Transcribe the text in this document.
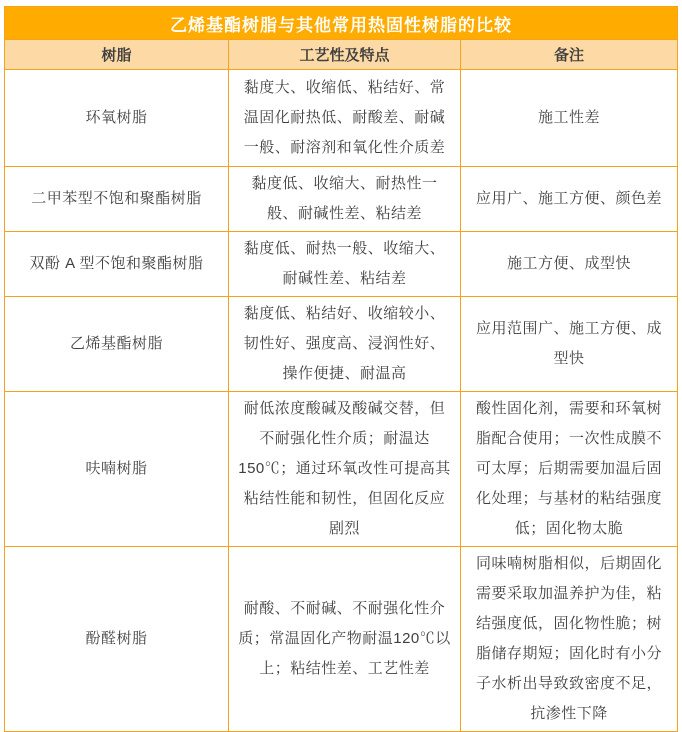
乙烯基酯树脂与其他常用热固性树脂的比较		
树脂	工艺性及特点	备注
环氧树脂	黏度大、收缩低、粘结好、常温固化耐热低、耐酸差、耐碱一般、耐溶剂和氧化性介质差	施工性差
二甲苯型不饱和聚酯树脂	黏度低、收缩大、耐热性一般、耐碱性差、粘结差	应用广、施工方便、颜色差
双酚 A 型不饱和聚酯树脂	黏度低、耐热一般、收缩大、耐碱性差、粘结差	施工方便、成型快
乙烯基酯树脂	黏度低、粘结好、收缩较小、韧性好、强度高、浸润性好、操作便捷、耐温高	应用范围广、施工方便、成型快
呋喃树脂	耐低浓度酸碱及酸碱交替，但不耐强化性介质；耐温达150℃；通过环氧改性可提高其粘结性能和韧性，但固化反应剧烈	酸性固化剂，需要和环氧树脂配合使用；一次性成膜不可太厚；后期需要加温后固化处理；与基材的粘结强度低；固化物太脆
酚醛树脂	耐酸、不耐碱、不耐强化性介质；常温固化产物耐温120℃以上；粘结性差、工艺性差	同味喃树脂相似，后期固化需要采取加温养护为佳，粘结强度低，固化物性脆；树脂储存期短；固化时有小分子水析出导致致密度不足，抗渗性下降
